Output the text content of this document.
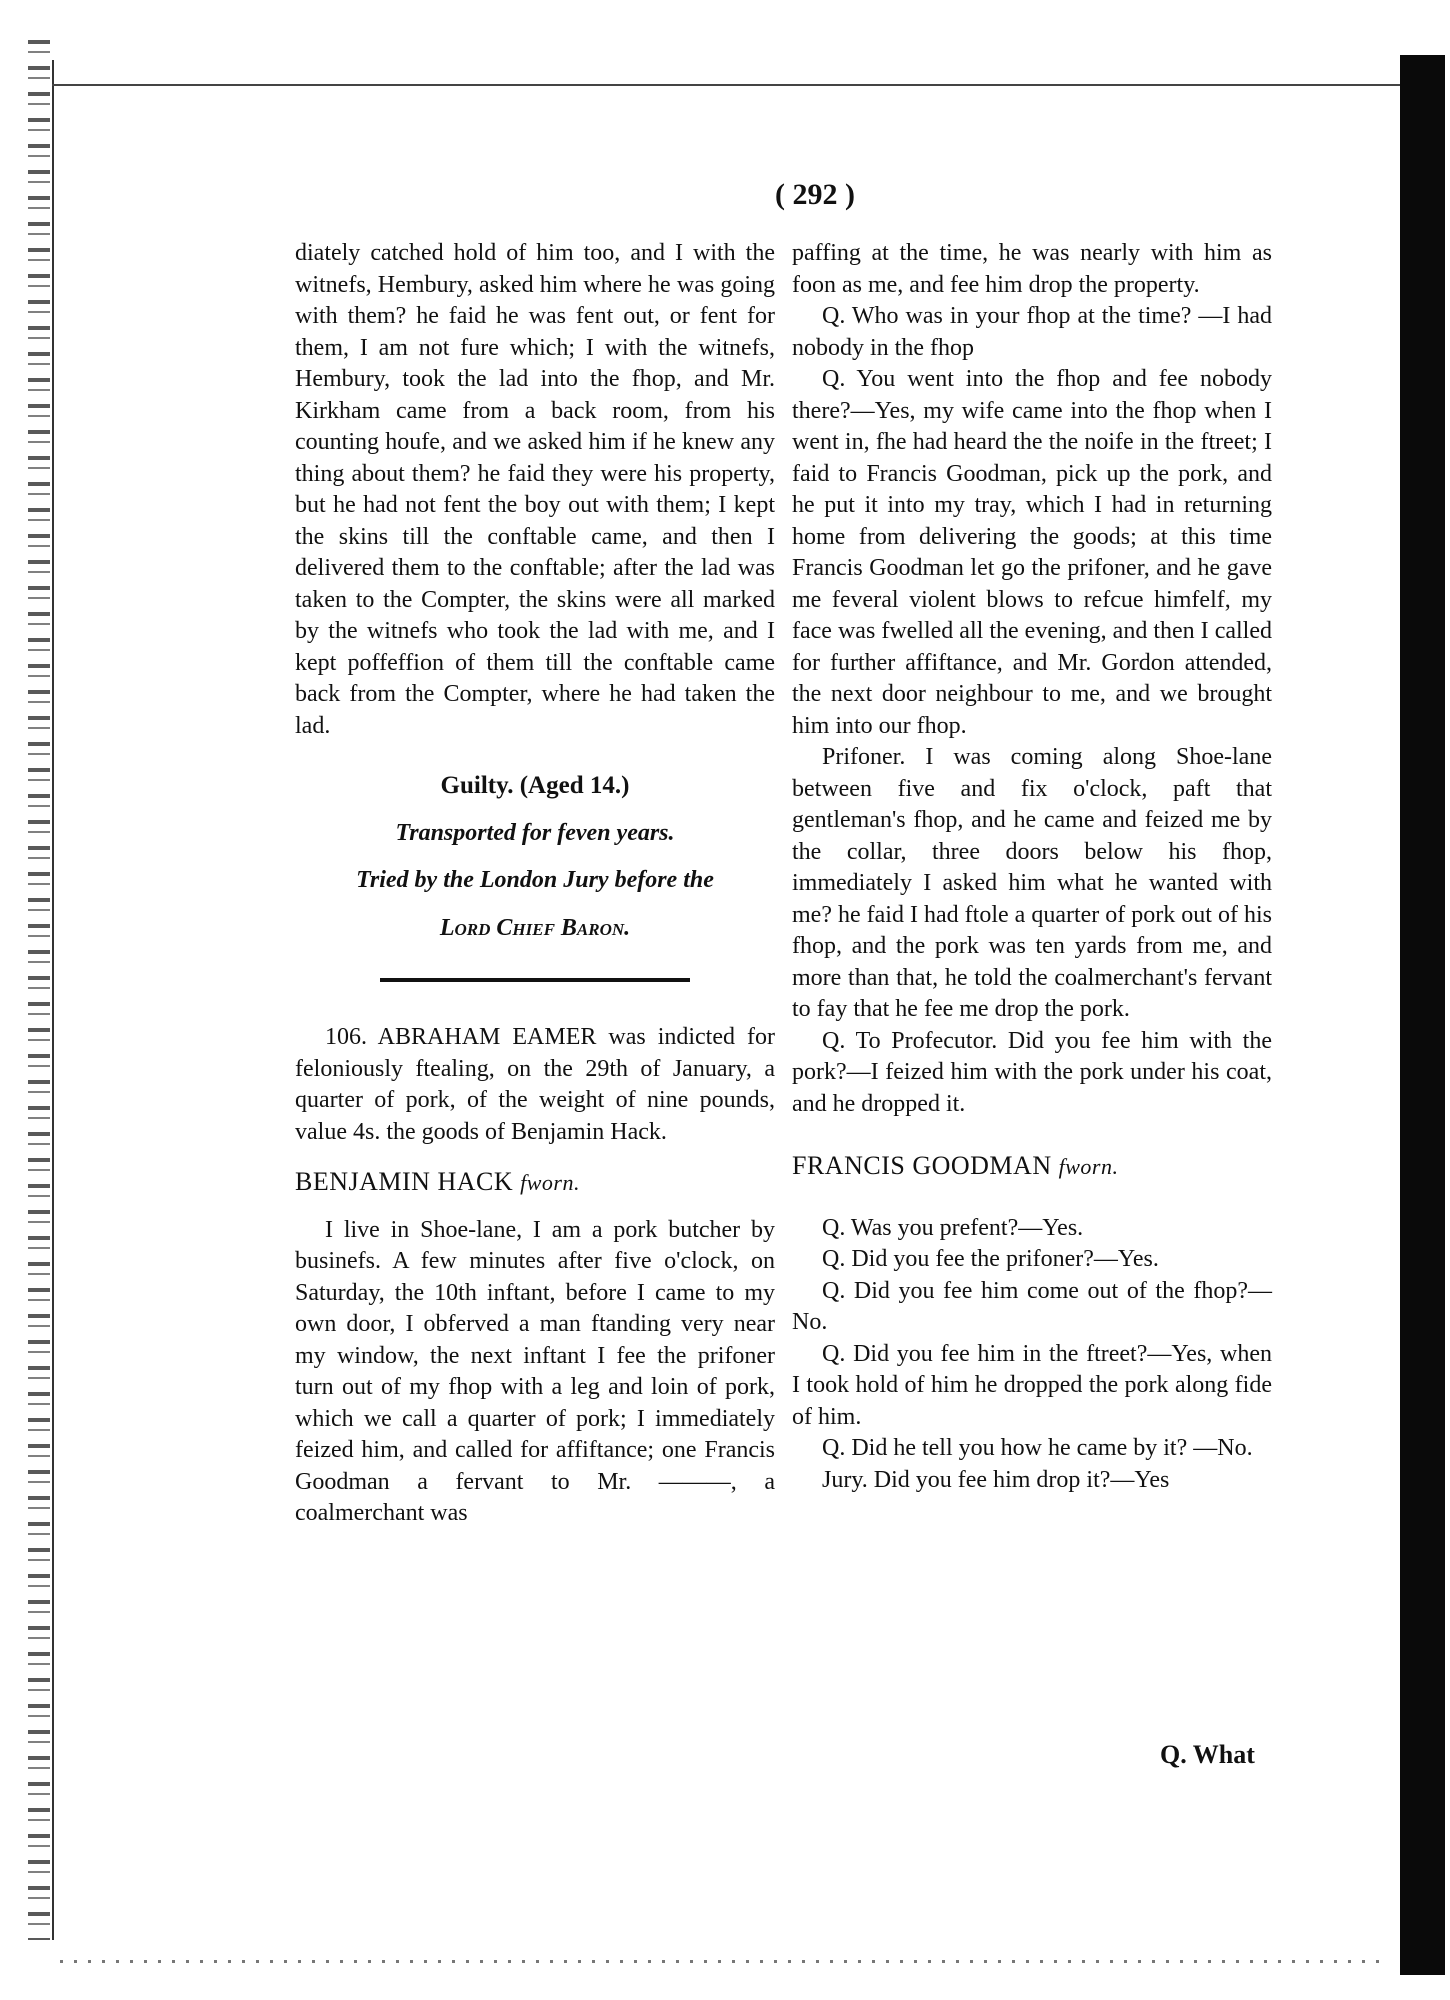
( 292 )

diately catched hold of him too, and I with the witnefs, Hembury, asked him where he was going with them? he faid he was fent out, or fent for them, I am not fure which; I with the witnefs, Hembury, took the lad into the fhop, and Mr. Kirkham came from a back room, from his counting houfe, and we asked him if he knew any thing about them? he faid they were his property, but he had not fent the boy out with them; I kept the skins till the conftable came, and then I delivered them to the conftable; after the lad was taken to the Compter, the skins were all marked by the witnefs who took the lad with me, and I kept poffeffion of them till the conftable came back from the Compter, where he had taken the lad.

Guilty. (Aged 14.)

Transported for feven years.

Tried by the London Jury before the

Lord Chief Baron.

106. ABRAHAM EAMER was indicted for feloniously ftealing, on the 29th of January, a quarter of pork, of the weight of nine pounds, value 4s. the goods of Benjamin Hack.

BENJAMIN HACK fworn.

I live in Shoe-lane, I am a pork butcher by businefs. A few minutes after five o'clock, on Saturday, the 10th inftant, before I came to my own door, I obferved a man ftanding very near my window, the next inftant I fee the prifoner turn out of my fhop with a leg and loin of pork, which we call a quarter of pork; I immediately feized him, and called for affiftance; one Francis Goodman a fervant to Mr. ———, a coalmerchant was

paffing at the time, he was nearly with him as foon as me, and fee him drop the property.

Q. Who was in your fhop at the time? —I had nobody in the fhop

Q. You went into the fhop and fee nobody there?—Yes, my wife came into the fhop when I went in, fhe had heard the the noife in the ftreet; I faid to Francis Goodman, pick up the pork, and he put it into my tray, which I had in returning home from delivering the goods; at this time Francis Goodman let go the prifoner, and he gave me feveral violent blows to refcue himfelf, my face was fwelled all the evening, and then I called for further affiftance, and Mr. Gordon attended, the next door neighbour to me, and we brought him into our fhop.

Prifoner. I was coming along Shoe-lane between five and fix o'clock, paft that gentleman's fhop, and he came and feized me by the collar, three doors below his fhop, immediately I asked him what he wanted with me? he faid I had ftole a quarter of pork out of his fhop, and the pork was ten yards from me, and more than that, he told the coalmerchant's fervant to fay that he fee me drop the pork.

Q. To Profecutor. Did you fee him with the pork?—I feized him with the pork under his coat, and he dropped it.

FRANCIS GOODMAN fworn.

Q. Was you prefent?—Yes.

Q. Did you fee the prifoner?—Yes.

Q. Did you fee him come out of the fhop?—No.

Q. Did you fee him in the ftreet?—Yes, when I took hold of him he dropped the pork along fide of him.

Q. Did he tell you how he came by it? —No.

Jury. Did you fee him drop it?—Yes

Q. What
